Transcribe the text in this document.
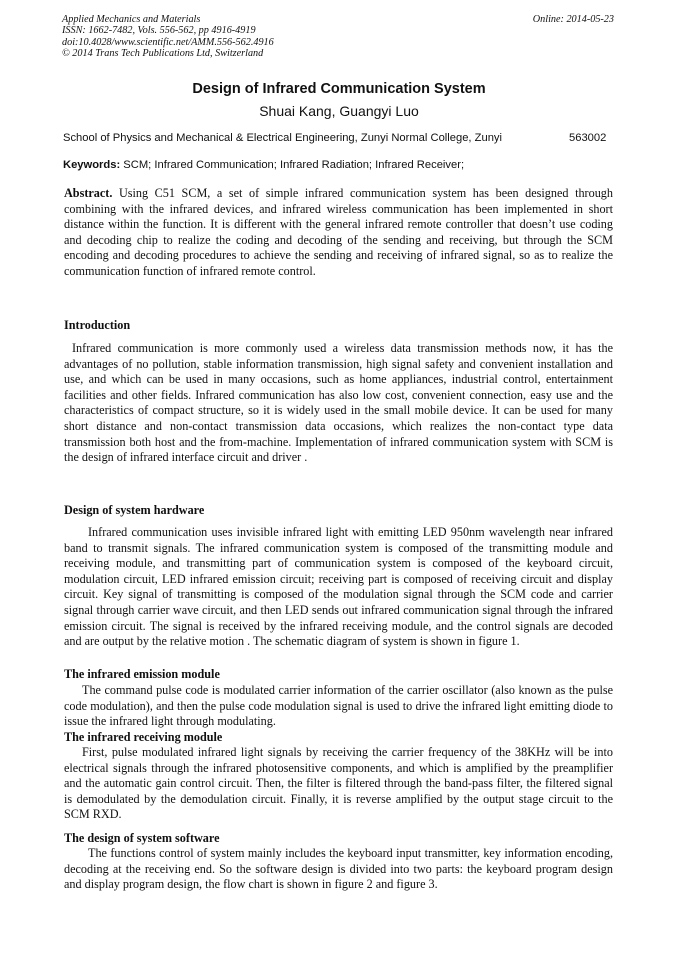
Applied Mechanics and Materials
ISSN: 1662-7482, Vols. 556-562, pp 4916-4919
doi:10.4028/www.scientific.net/AMM.556-562.4916
© 2014 Trans Tech Publications Ltd, Switzerland
Online: 2014-05-23
Design of Infrared Communication System
Shuai Kang, Guangyi Luo
School of Physics and Mechanical & Electrical Engineering, Zunyi Normal College, Zunyi	563002
Keywords: SCM; Infrared Communication; Infrared Radiation; Infrared Receiver;
Abstract. Using C51 SCM, a set of simple infrared communication system has been designed through combining with the infrared devices, and infrared wireless communication has been implemented in short distance within the function. It is different with the general infrared remote controller that doesn’t use coding and decoding chip to realize the coding and decoding of the sending and receiving, but through the SCM encoding and decoding procedures to achieve the sending and receiving of infrared signal, so as to realize the communication function of infrared remote control.
Introduction
Infrared communication is more commonly used a wireless data transmission methods now, it has the advantages of no pollution, stable information transmission, high signal safety and convenient installation and use, and which can be used in many occasions, such as home appliances, industrial control, entertainment facilities and other fields. Infrared communication has also low cost, convenient connection, easy use and the characteristics of compact structure, so it is widely used in the small mobile device. It can be used for many short distance and non-contact transmission data occasions, which realizes the non-contact type data transmission both host and the from-machine. Implementation of infrared communication system with SCM is the design of infrared interface circuit and driver .
Design of system hardware
Infrared communication uses invisible infrared light with emitting LED 950nm wavelength near infrared band to transmit signals. The infrared communication system is composed of the transmitting module and receiving module, and transmitting part of communication system is composed of the keyboard circuit, modulation circuit, LED infrared emission circuit; receiving part is composed of receiving circuit and display circuit. Key signal of transmitting is composed of the modulation signal through the SCM code and carrier signal through carrier wave circuit, and then LED sends out infrared communication signal through the infrared emission circuit. The signal is received by the infrared receiving module, and the control signals are decoded and are output by the relative motion . The schematic diagram of system is shown in figure 1.
The infrared emission module
The command pulse code is modulated carrier information of the carrier oscillator (also known as the pulse code modulation), and then the pulse code modulation signal is used to drive the infrared light emitting diode to issue the infrared light through modulating.
The infrared receiving module
First, pulse modulated infrared light signals by receiving the carrier frequency of the 38KHz will be into electrical signals through the infrared photosensitive components, and which is amplified by the preamplifier and the automatic gain control circuit. Then, the filter is filtered through the band-pass filter, the filtered signal is demodulated by the demodulation circuit. Finally, it is reverse amplified by the output stage circuit to the SCM RXD.
The design of system software
The functions control of system mainly includes the keyboard input transmitter, key information encoding, decoding at the receiving end. So the software design is divided into two parts: the keyboard program design and display program design, the flow chart is shown in figure 2 and figure 3.
